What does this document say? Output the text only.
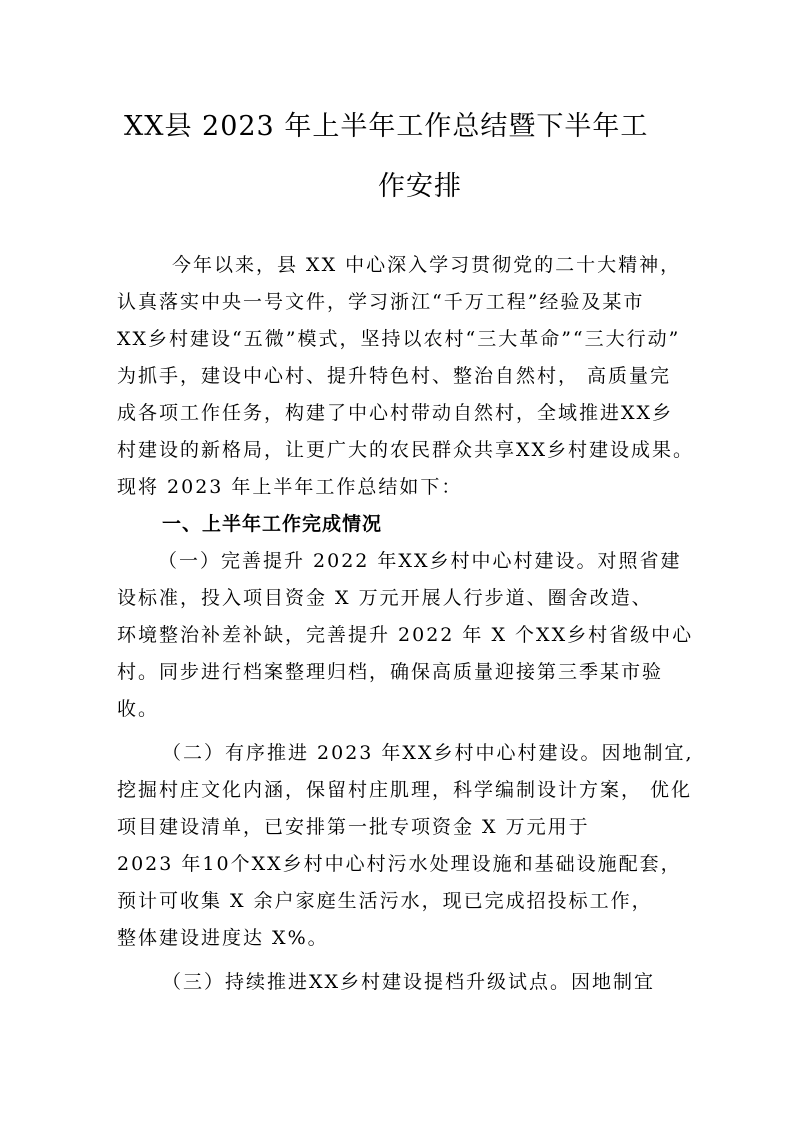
XX县 2023 年上半年工作总结暨下半年工
作安排
今年以来，县 XX 中心深入学习贯彻党的二十大精神，
认真落实中央一号文件，学习浙江“千万工程”经验及某市
XX乡村建设“五微”模式，坚持以农村“三大革命”“三大行动”
为抓手，建设中心村、提升特色村、整治自然村， 高质量完
成各项工作任务，构建了中心村带动自然村，全域推进XX乡
村建设的新格局，让更广大的农民群众共享XX乡村建设成果。
现将 2023 年上半年工作总结如下：
一、上半年工作完成情况
（一）完善提升 2022 年XX乡村中心村建设。对照省建
设标准，投入项目资金 X 万元开展人行步道、圈舍改造、
环境整治补差补缺，完善提升 2022 年 X 个XX乡村省级中心
村。同步进行档案整理归档，确保高质量迎接第三季某市验
收。
（二）有序推进 2023 年XX乡村中心村建设。因地制宜,
挖掘村庄文化内涵，保留村庄肌理，科学编制设计方案， 优化
项目建设清单，已安排第一批专项资金 X 万元用于
2023 年10个XX乡村中心村污水处理设施和基础设施配套，
预计可收集 X 余户家庭生活污水，现已完成招投标工作，
整体建设进度达 X%。
（三）持续推进XX乡村建设提档升级试点。因地制宜
